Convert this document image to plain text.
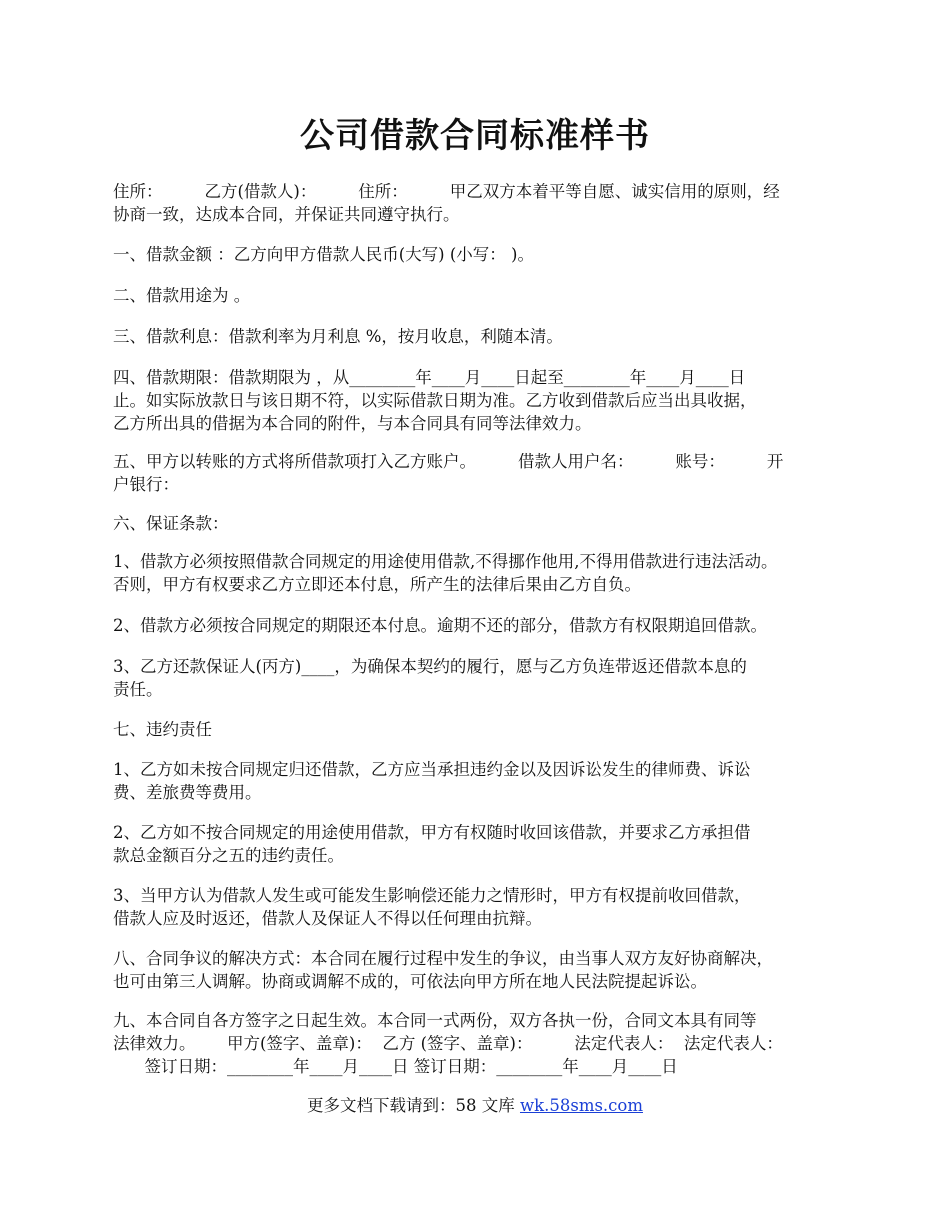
公司借款合同标准样书
住所：        乙方(借款人)：        住所：        甲乙双方本着平等自愿、诚实信用的原则，经
协商一致，达成本合同，并保证共同遵守执行。
一、借款金额 ：乙方向甲方借款人民币(大写) (小写： )。
二、借款用途为 。
三、借款利息：借款利率为月利息 %，按月收息，利随本清。
四、借款期限：借款期限为 ，从________年____月____日起至________年____月____日
止。如实际放款日与该日期不符，以实际借款日期为准。乙方收到借款后应当出具收据，
乙方所出具的借据为本合同的附件，与本合同具有同等法律效力。
五、甲方以转账的方式将所借款项打入乙方账户。        借款人用户名：        账号：        开
户银行：
六、保证条款：
1、借款方必须按照借款合同规定的用途使用借款,不得挪作他用,不得用借款进行违法活动。
否则，甲方有权要求乙方立即还本付息，所产生的法律后果由乙方自负。
2、借款方必须按合同规定的期限还本付息。逾期不还的部分，借款方有权限期追回借款。
3、乙方还款保证人(丙方)____，为确保本契约的履行，愿与乙方负连带返还借款本息的
责任。
七、违约责任
1、乙方如未按合同规定归还借款，乙方应当承担违约金以及因诉讼发生的律师费、诉讼
费、差旅费等费用。
2、乙方如不按合同规定的用途使用借款，甲方有权随时收回该借款，并要求乙方承担借
款总金额百分之五的违约责任。
3、当甲方认为借款人发生或可能发生影响偿还能力之情形时，甲方有权提前收回借款，
借款人应及时返还，借款人及保证人不得以任何理由抗辩。
八、合同争议的解决方式：本合同在履行过程中发生的争议，由当事人双方友好协商解决，
也可由第三人调解。协商或调解不成的，可依法向甲方所在地人民法院提起诉讼。
九、本合同自各方签字之日起生效。本合同一式两份，双方各执一份，合同文本具有同等
法律效力。      甲方(签字、盖章)：  乙方 (签字、盖章)：        法定代表人：  法定代表人：
签订日期：________年____月____日 签订日期：________年____月____日
更多文档下载请到：58 文库 wk.58sms.com
